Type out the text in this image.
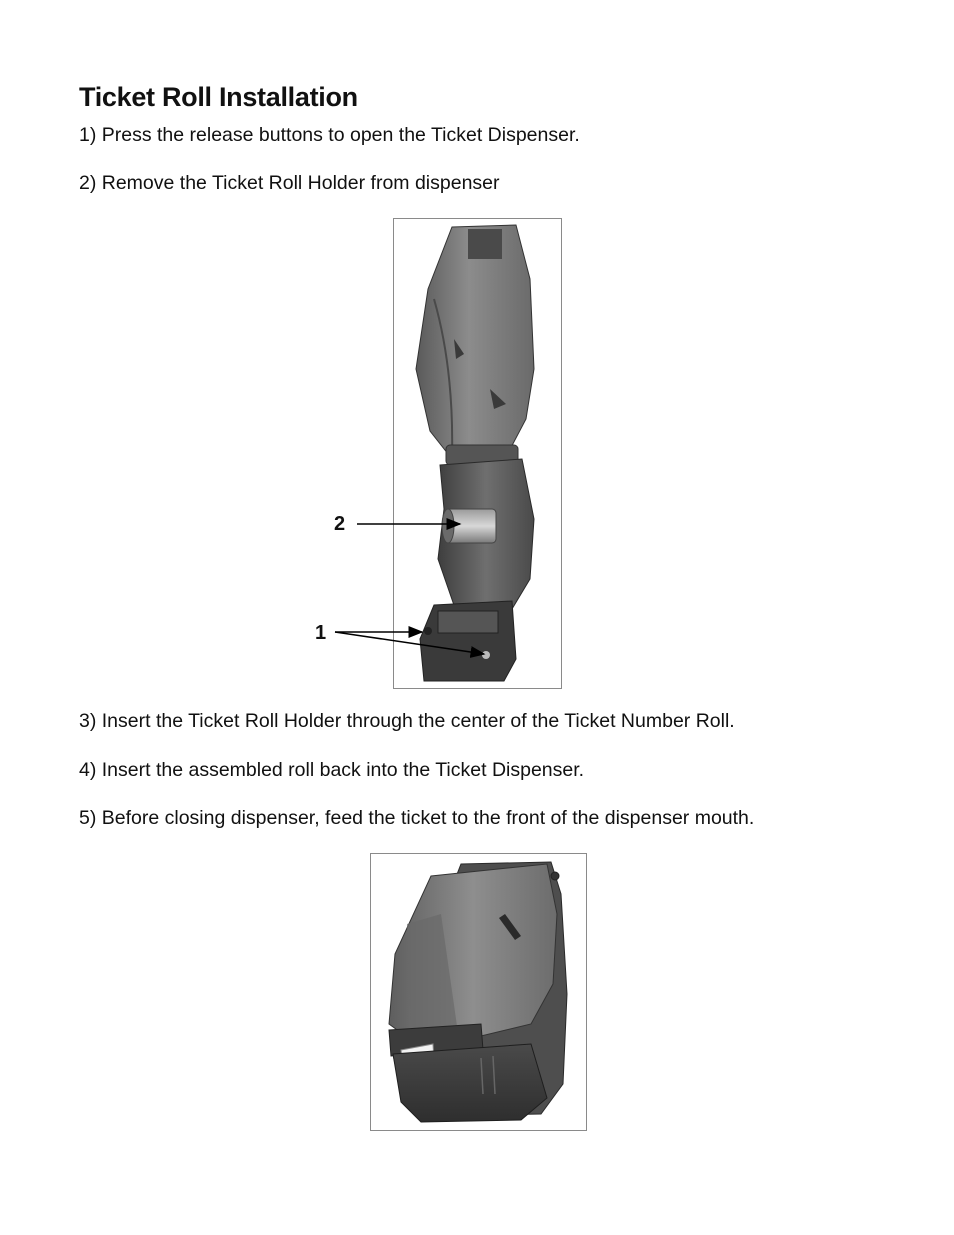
Ticket Roll Installation

1) Press the release buttons to open the Ticket Dispenser.

2) Remove the Ticket Roll Holder from dispenser

2
1

3) Insert the Ticket Roll Holder through the center of the Ticket Number Roll.

4) Insert the assembled roll back into the Ticket Dispenser.

5) Before closing dispenser, feed the ticket to the front of the dispenser mouth.
